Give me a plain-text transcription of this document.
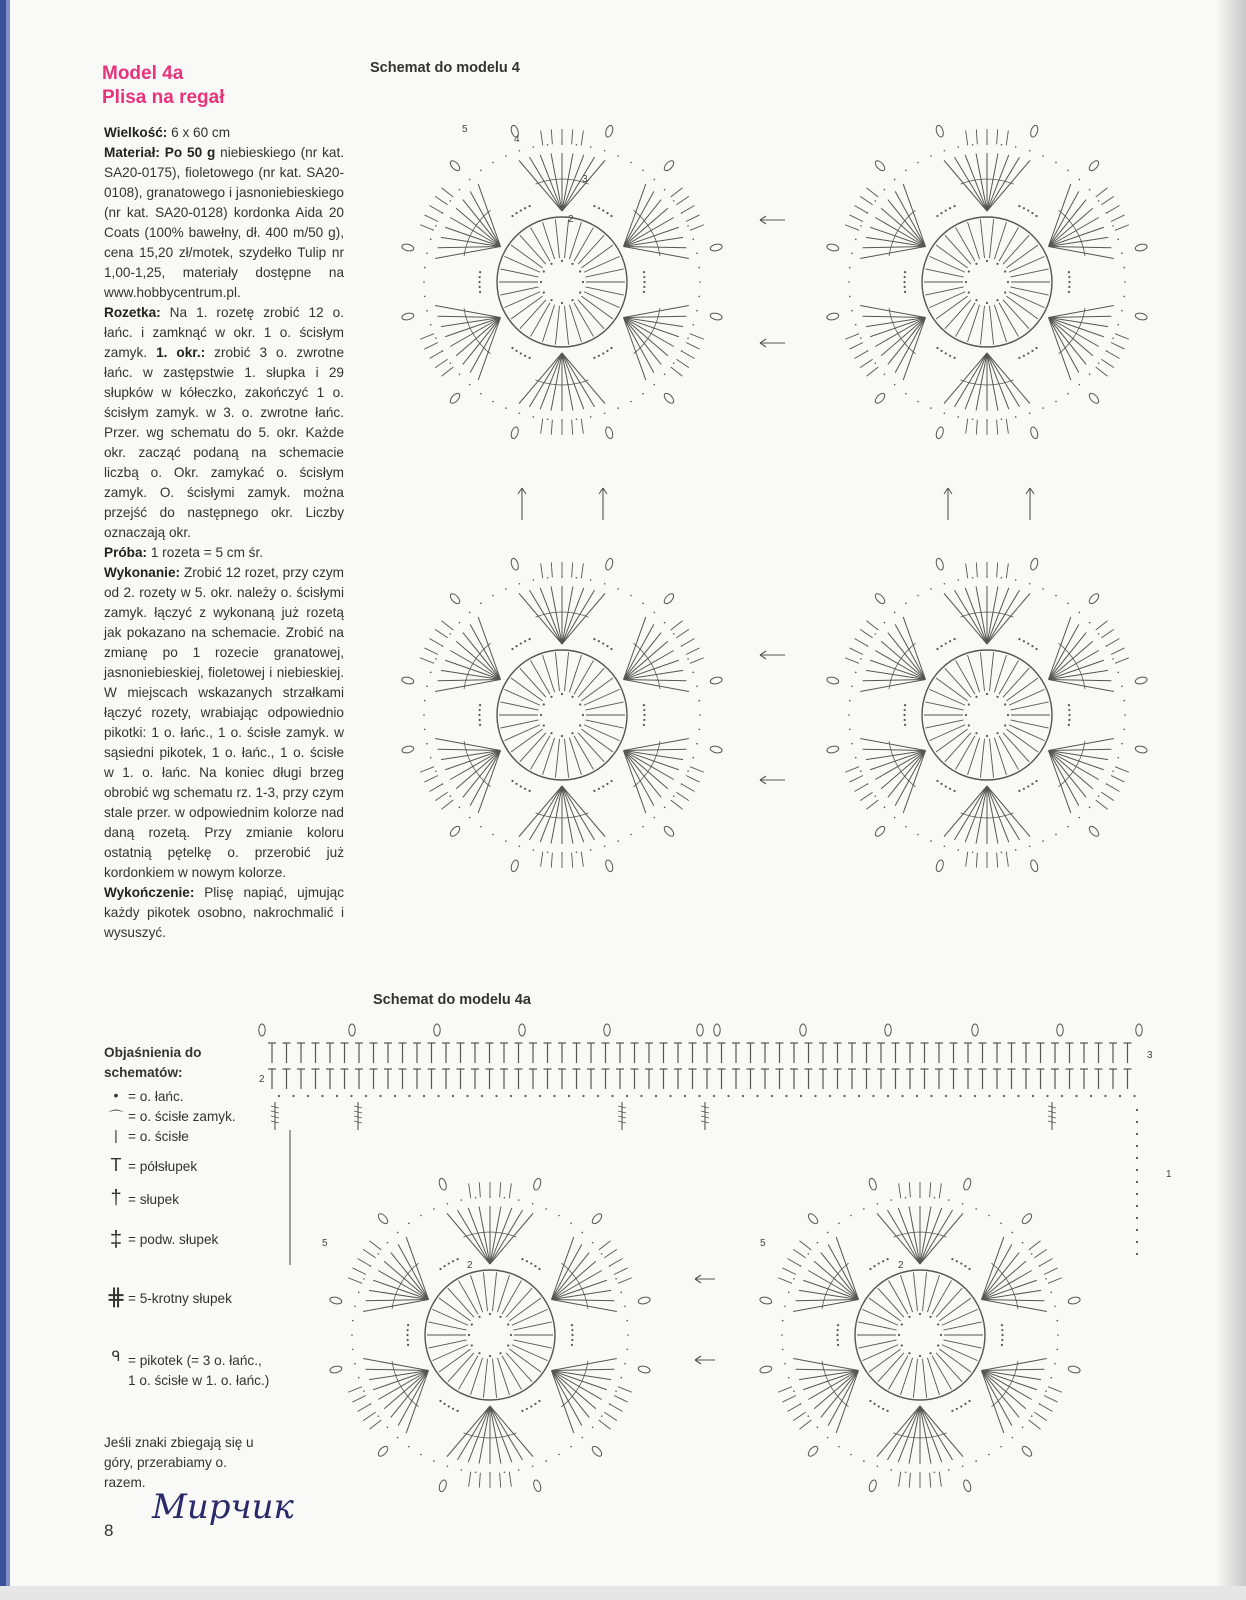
Model 4a
Plisa na regał

Wielkość: 6 x 60 cm

Materiał: Po 50 g niebieskiego (nr kat. SA20-0175), fioletowego (nr kat. SA20-0108), granatowego i jasnoniebieskiego (nr kat. SA20-0128) kordonka Aida 20 Coats (100% bawełny, dł. 400 m/50 g), cena 15,20 zł/motek, szydełko Tulip nr 1,00-1,25, materiały dostępne na www.hobbycentrum.pl.

Rozetka: Na 1. rozetę zrobić 12 o. łańc. i zamknąć w okr. 1 o. ścisłym zamyk. 1. okr.: zrobić 3 o. zwrotne łańc. w zastępstwie 1. słupka i 29 słupków w kółeczko, zakończyć 1 o. ścisłym zamyk. w 3. o. zwrotne łańc. Przer. wg schematu do 5. okr. Każde okr. zacząć podaną na schemacie liczbą o. Okr. zamykać o. ścisłym zamyk. O. ścisłymi zamyk. można przejść do następnego okr. Liczby oznaczają okr.

Próba: 1 rozeta = 5 cm śr.

Wykonanie: Zrobić 12 rozet, przy czym od 2. rozety w 5. okr. należy o. ścisłymi zamyk. łączyć z wykonaną już rozetą jak pokazano na schemacie. Zrobić na zmianę po 1 rozecie granatowej, jasnoniebieskiej, fioletowej i niebieskiej. W miejscach wskazanych strzałkami łączyć rozety, wrabiając odpowiednio pikotki: 1 o. łańc., 1 o. ścisłe zamyk. w sąsiedni pikotek, 1 o. łańc., 1 o. ścisłe w 1. o. łańc. Na koniec długi brzeg obrobić wg schematu rz. 1-3, przy czym stale przer. w odpowiednim kolorze nad daną rozetą. Przy zmianie koloru ostatnią pętelkę o. przerobić już kordonkiem w nowym kolorze.

Wykończenie: Plisę napiąć, ujmując każdy pikotek osobno, nakrochmalić i wysuszyć.

Schemat do modelu 4
Schemat do modelu 4a
2
3
4
5
2
5	5
2
3
2
1
Objaśnienia do schematów:
• = o. łańc.
⌒ = o. ścisłe zamyk.
| = o. ścisłe
T = półsłupek
† = słupek
‡ = podw. słupek
⋕ = 5-krotny słupek
ᑫ = pikotek (= 3 o. łańc., 1 o. ścisłe w 1. o. łańc.)
Jeśli znaki zbiegają się u góry, przerabiamy o. razem.
Мирчик
8
